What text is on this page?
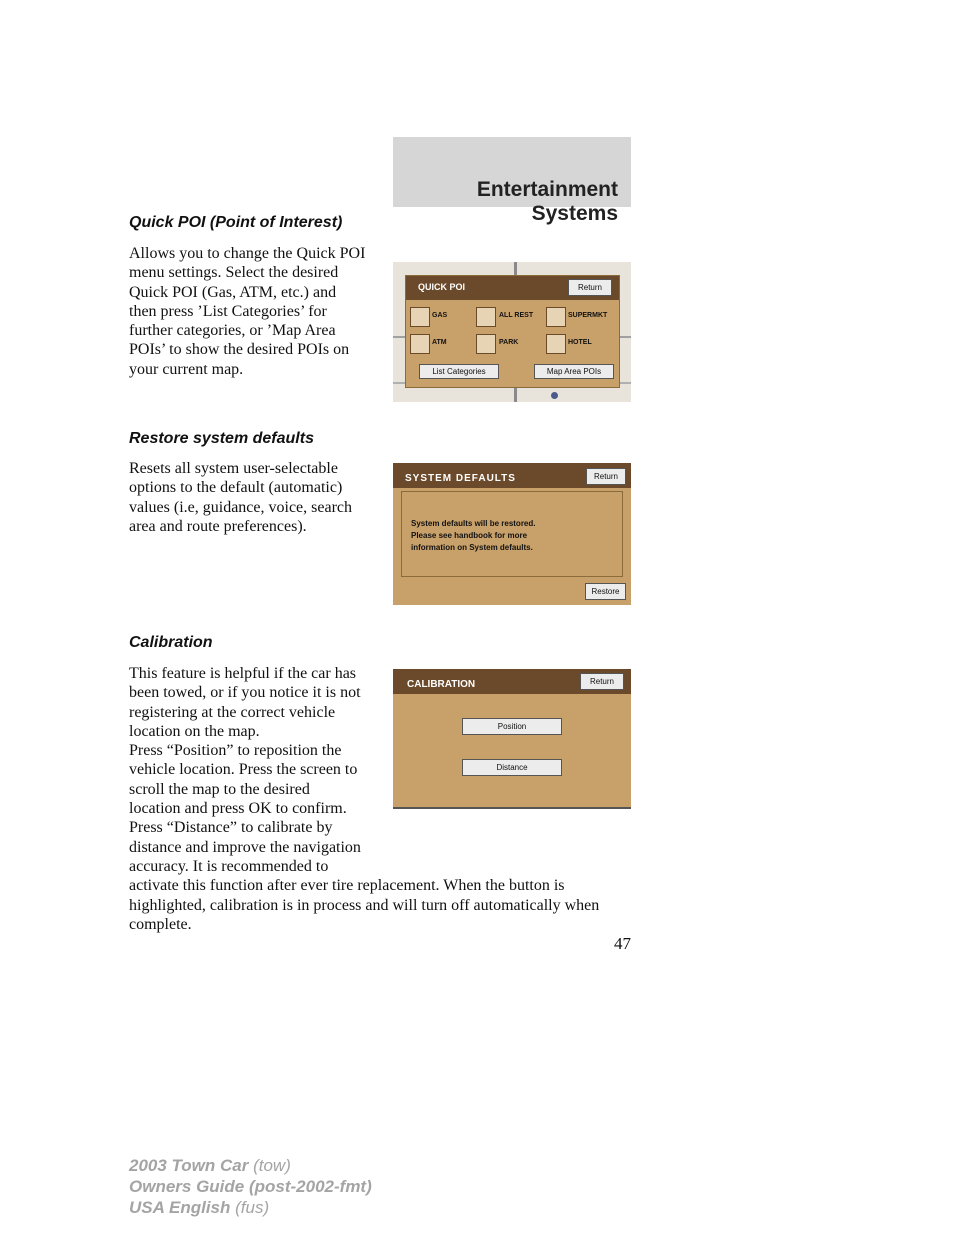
Entertainment Systems
Quick POI (Point of Interest)

Allows you to change the Quick POI
menu settings. Select the desired
Quick POI (Gas, ATM, etc.) and
then press ’List Categories’ for
further categories, or ’Map Area
POIs’ to show the desired POIs on
your current map.

QUICK POI	Return
GAS	ALL REST	SUPERMKT
ATM	PARK	HOTEL
List Categories	Map Area POIs
Restore system defaults

Resets all system user-selectable
options to the default (automatic)
values (i.e, guidance, voice, search
area and route preferences).

SYSTEM DEFAULTS	Return
System defaults will be restored.
Please see handbook for more
information on System defaults.
Restore
Calibration

This feature is helpful if the car has
been towed, or if you notice it is not
registering at the correct vehicle
location on the map.
Press “Position” to reposition the
vehicle location. Press the screen to
scroll the map to the desired
location and press OK to confirm.
Press “Distance” to calibrate by
distance and improve the navigation
accuracy. It is recommended to
activate this function after ever tire replacement. When the button is
highlighted, calibration is in process and will turn off automatically when
complete.

CALIBRATION	Return
Position
Distance
47
2003 Town Car (tow)
Owners Guide (post-2002-fmt)
USA English (fus)
